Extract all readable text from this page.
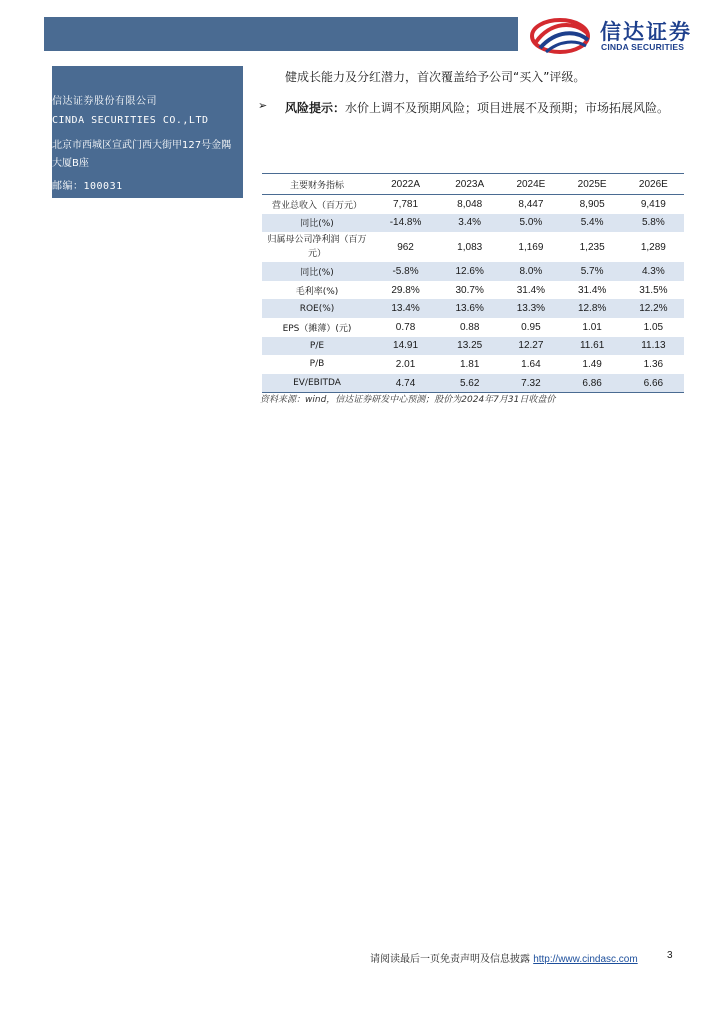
信达证券
CINDA SECURITIES
信达证券股份有限公司
CINDA SECURITIES CO.,LTD
北京市西城区宣武门西大街甲127号金隅大厦B座
邮编：100031
健成长能力及分红潜力，首次覆盖给予公司“买入”评级。
➢ 风险提示：水价上调不及预期风险；项目进展不及预期；市场拓展风险。
主要财务指标	2022A	2023A	2024E	2025E	2026E
营业总收入（百万元）	7,781	8,048	8,447	8,905	9,419
同比(%)	-14.8%	3.4%	5.0%	5.4%	5.8%
归属母公司净利润（百万元）	962	1,083	1,169	1,235	1,289
同比(%)	-5.8%	12.6%	8.0%	5.7%	4.3%
毛利率(%)	29.8%	30.7%	31.4%	31.4%	31.5%
ROE(%)	13.4%	13.6%	13.3%	12.8%	12.2%
EPS（摊薄）(元)	0.78	0.88	0.95	1.01	1.05
P/E	14.91	13.25	12.27	11.61	11.13
P/B	2.01	1.81	1.64	1.49	1.36
EV/EBITDA	4.74	5.62	7.32	6.86	6.66
资料来源：wind，信达证券研发中心预测；股价为2024年7月31日收盘价
请阅读最后一页免责声明及信息披露 http://www.cindasc.com	3
